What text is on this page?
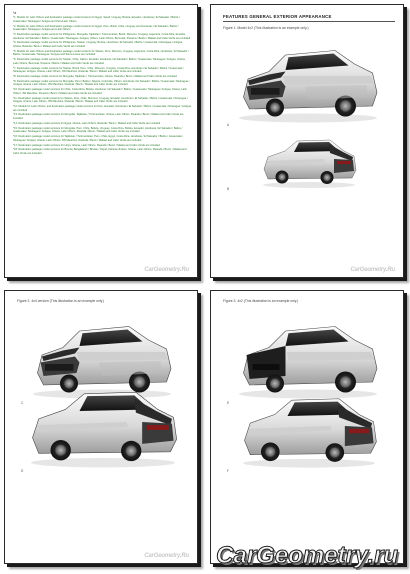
*a
*1: Models for Latin Others and destination package model versions for Egypt, Saudi, Uruguay, Bolivia, Ecuador, Honduras / El Salvador / Belize / Guatemala / Nicaragua / Antigua and Peru/Latin Others
*2: Models for Latin Others and destination package model versions for Egypt, Peru, Brazil, Chile, Uruguay and Honduras / El Salvador / Belize / Guatemala / Nicaragua / Antigua and Latin Others
*3: Destination package model versions for Philippines, Mongolia, Tajikistan / Turkmenistan, Brazil, Morocco, Uruguay, Argentina, Costa Rica, Ecuador, Honduras / El Salvador / Belize / Guatemala / Nicaragua / Antigua, Others, Latin Others, Bermuda, Panama / Belize / Malawi and Cabo Verde are included
*4: Destination package model versions for Philippines, Taiwan, Uruguay, Bolivia, Honduras / El Salvador / Belize / Guatemala / Nicaragua / Antigua, Ghana, Rwanda / Benin / Malawi and Cabo Verde are included
*5: Models for Latin Others and destination package model versions for Taiwan, Peru, Morocco, Uruguay, Argentina, Costa Rica, Honduras / El Salvador / Belize / Guatemala / Nicaragua / Antigua and Sierra Leone are included
*6: Destination package model versions for Taiwan, Chile, Gabon, Ecuador, Honduras / El Salvador / Belize / Guatemala / Nicaragua / Antigua, Ghana, Latin Others, Bermuda, Panama / Belize / Malawi and Cabo Verde are included
*7: Destination package model versions for Taiwan, Brazil, Peru, Chile, Morocco, Uruguay, Costa Rica, Honduras / El Salvador / Belize / Guatemala / Nicaragua / Antigua, Ghana, Latin Others, 3W Mauritius, Rwanda / Benin / Malawi and Cabo Verde are included
*8: Destination package model versions for Mongolia, Tajikistan / Turkmenistan, Ghana, Rwanda / Benin / Malawi and Cabo Verde are included
*9: Destination package model versions for Mongolia, Peru / Belize / Nigeria, Colombia, Others, Honduras / El Salvador / Belize / Guatemala / Nicaragua / Antigua, Ghana, Latin Others, 3W Mauritius, Rwanda / Benin / Malawi and Cabo Verde are included
*10: Destination package model versions for Chile, Costa Rica, Bolivia, Honduras / El Salvador / Belize / Guatemala / Nicaragua / Antigua, Ghana, Latin Others, 3W Mauritius, Panama / Benin / Malawi and Cabo Verde are included
*11: Destination package model versions for Taiwan, Peru, Chile, Morocco, Uruguay, Ecuador, Honduras / El Salvador / Belize / Guatemala / Nicaragua / Antigua, Ghana, Latin Others, 3W Mauritius, Rwanda / Benin / Malawi and Cabo Verde are included
*12: Models for Latin Others, and destination package model versions for Peru, Ecuador, Honduras / El Salvador / Belize / Guatemala / Nicaragua / Antigua are included
*13: Destination package model versions for Mongolia, Tajikistan / Turkmenistan, Ghana, Latin Others, Rwanda / Benin / Malawi and Cabo Verde are included
*14: Destination package model versions for Egypt, Ghana, Latin Others, Rwanda / Benin / Malawi and Cabo Verde are included
*15: Destination package model versions for Mongolia, Peru, Chile, Bolivia, Uruguay, Costa Rica, Bolivia, Ecuador, Honduras / El Salvador / Belize / Guatemala / Nicaragua / Antigua, Ghana, Latin Others, Rwanda / Benin / Malawi and Cabo Verde are included
*16: Destination package model versions for Tajikistan / Turkmenistan, Peru, Chile, Egypt, Costa Rica, Honduras / El Salvador / Belize / Guatemala / Nicaragua / Antigua, Ghana, Latin Others, 3W Mauritius, Rwanda / Benin / Malawi and Cabo Verde are included
*17: Destination package model versions for Libya, Ghana, Latin Others, Rwanda / Benin / Malawi and Cabo Verde are included
*18: Destination package model versions for Bosnia, Bangladesh / Bhutan / Nepal, Katsina Ukraine, Ghana, Latin Others, Rwanda / Benin / Malawi and Cabo Verde are included
CarGeometry.Ru
FEATURES GENERAL EXTERIOR APPEARANCE
Figure 1. Model 4x2 (This illustration is an example only.)
A
B
CarGeometry.Ru
Figure 2. 4x4 version (This illustration is an example only.)
C
D
CarGeometry.Ru
Figure 3. 4x2 (This illustration is an example only.)
E
F
CarGeometry.ru
